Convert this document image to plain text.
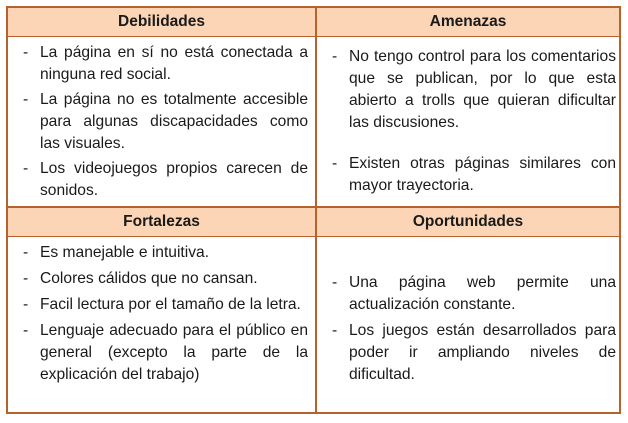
Debilidades	Amenazas
- La página en sí no está conectada a ninguna red social.
- La página no es totalmente accesible para algunas discapacidades como las visuales.
- Los videojuegos propios carecen de sonidos.
- No tengo control para los comentarios que se publican, por lo que esta abierto a trolls que quieran dificultar las discusiones.
- Existen otras páginas similares con mayor trayectoria.
Fortalezas	Oportunidades
- Es manejable e intuitiva.
- Colores cálidos que no cansan.
- Facil lectura por el tamaño de la letra.
- Lenguaje adecuado para el público en general (excepto la parte de la explicación del trabajo)
- Una página web permite una actualización constante.
- Los juegos están desarrollados para poder ir ampliando niveles de dificultad.
